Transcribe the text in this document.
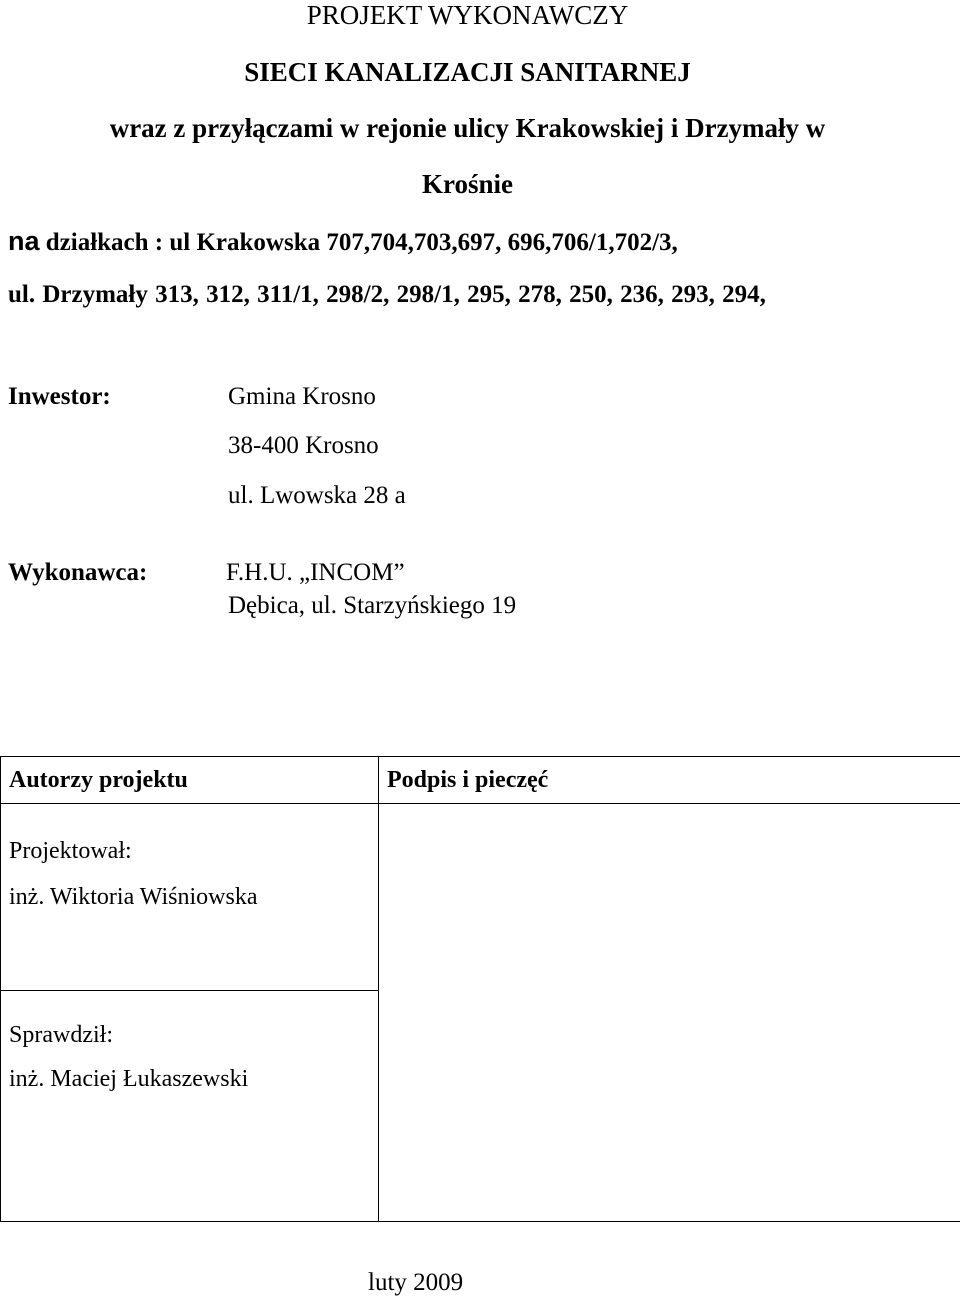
PROJEKT WYKONAWCZY
SIECI KANALIZACJI SANITARNEJ
wraz z przyłączami w rejonie ulicy Krakowskiej i Drzymały w
Krośnie
na działkach : ul Krakowska 707,704,703,697, 696,706/1,702/3,
ul. Drzymały 313, 312, 311/1, 298/2, 298/1, 295, 278, 250, 236, 293, 294,
Inwestor:	Gmina Krosno
38-400 Krosno
ul. Lwowska 28 a
Wykonawca:	F.H.U. „INCOM”
Dębica, ul. Starzyńskiego 19
Autorzy projektu	Podpis i pieczęć

Projektował:
inż. Wiktoria Wiśniowska	

Sprawdził:
inż. Maciej Łukaszewski	
luty 2009
